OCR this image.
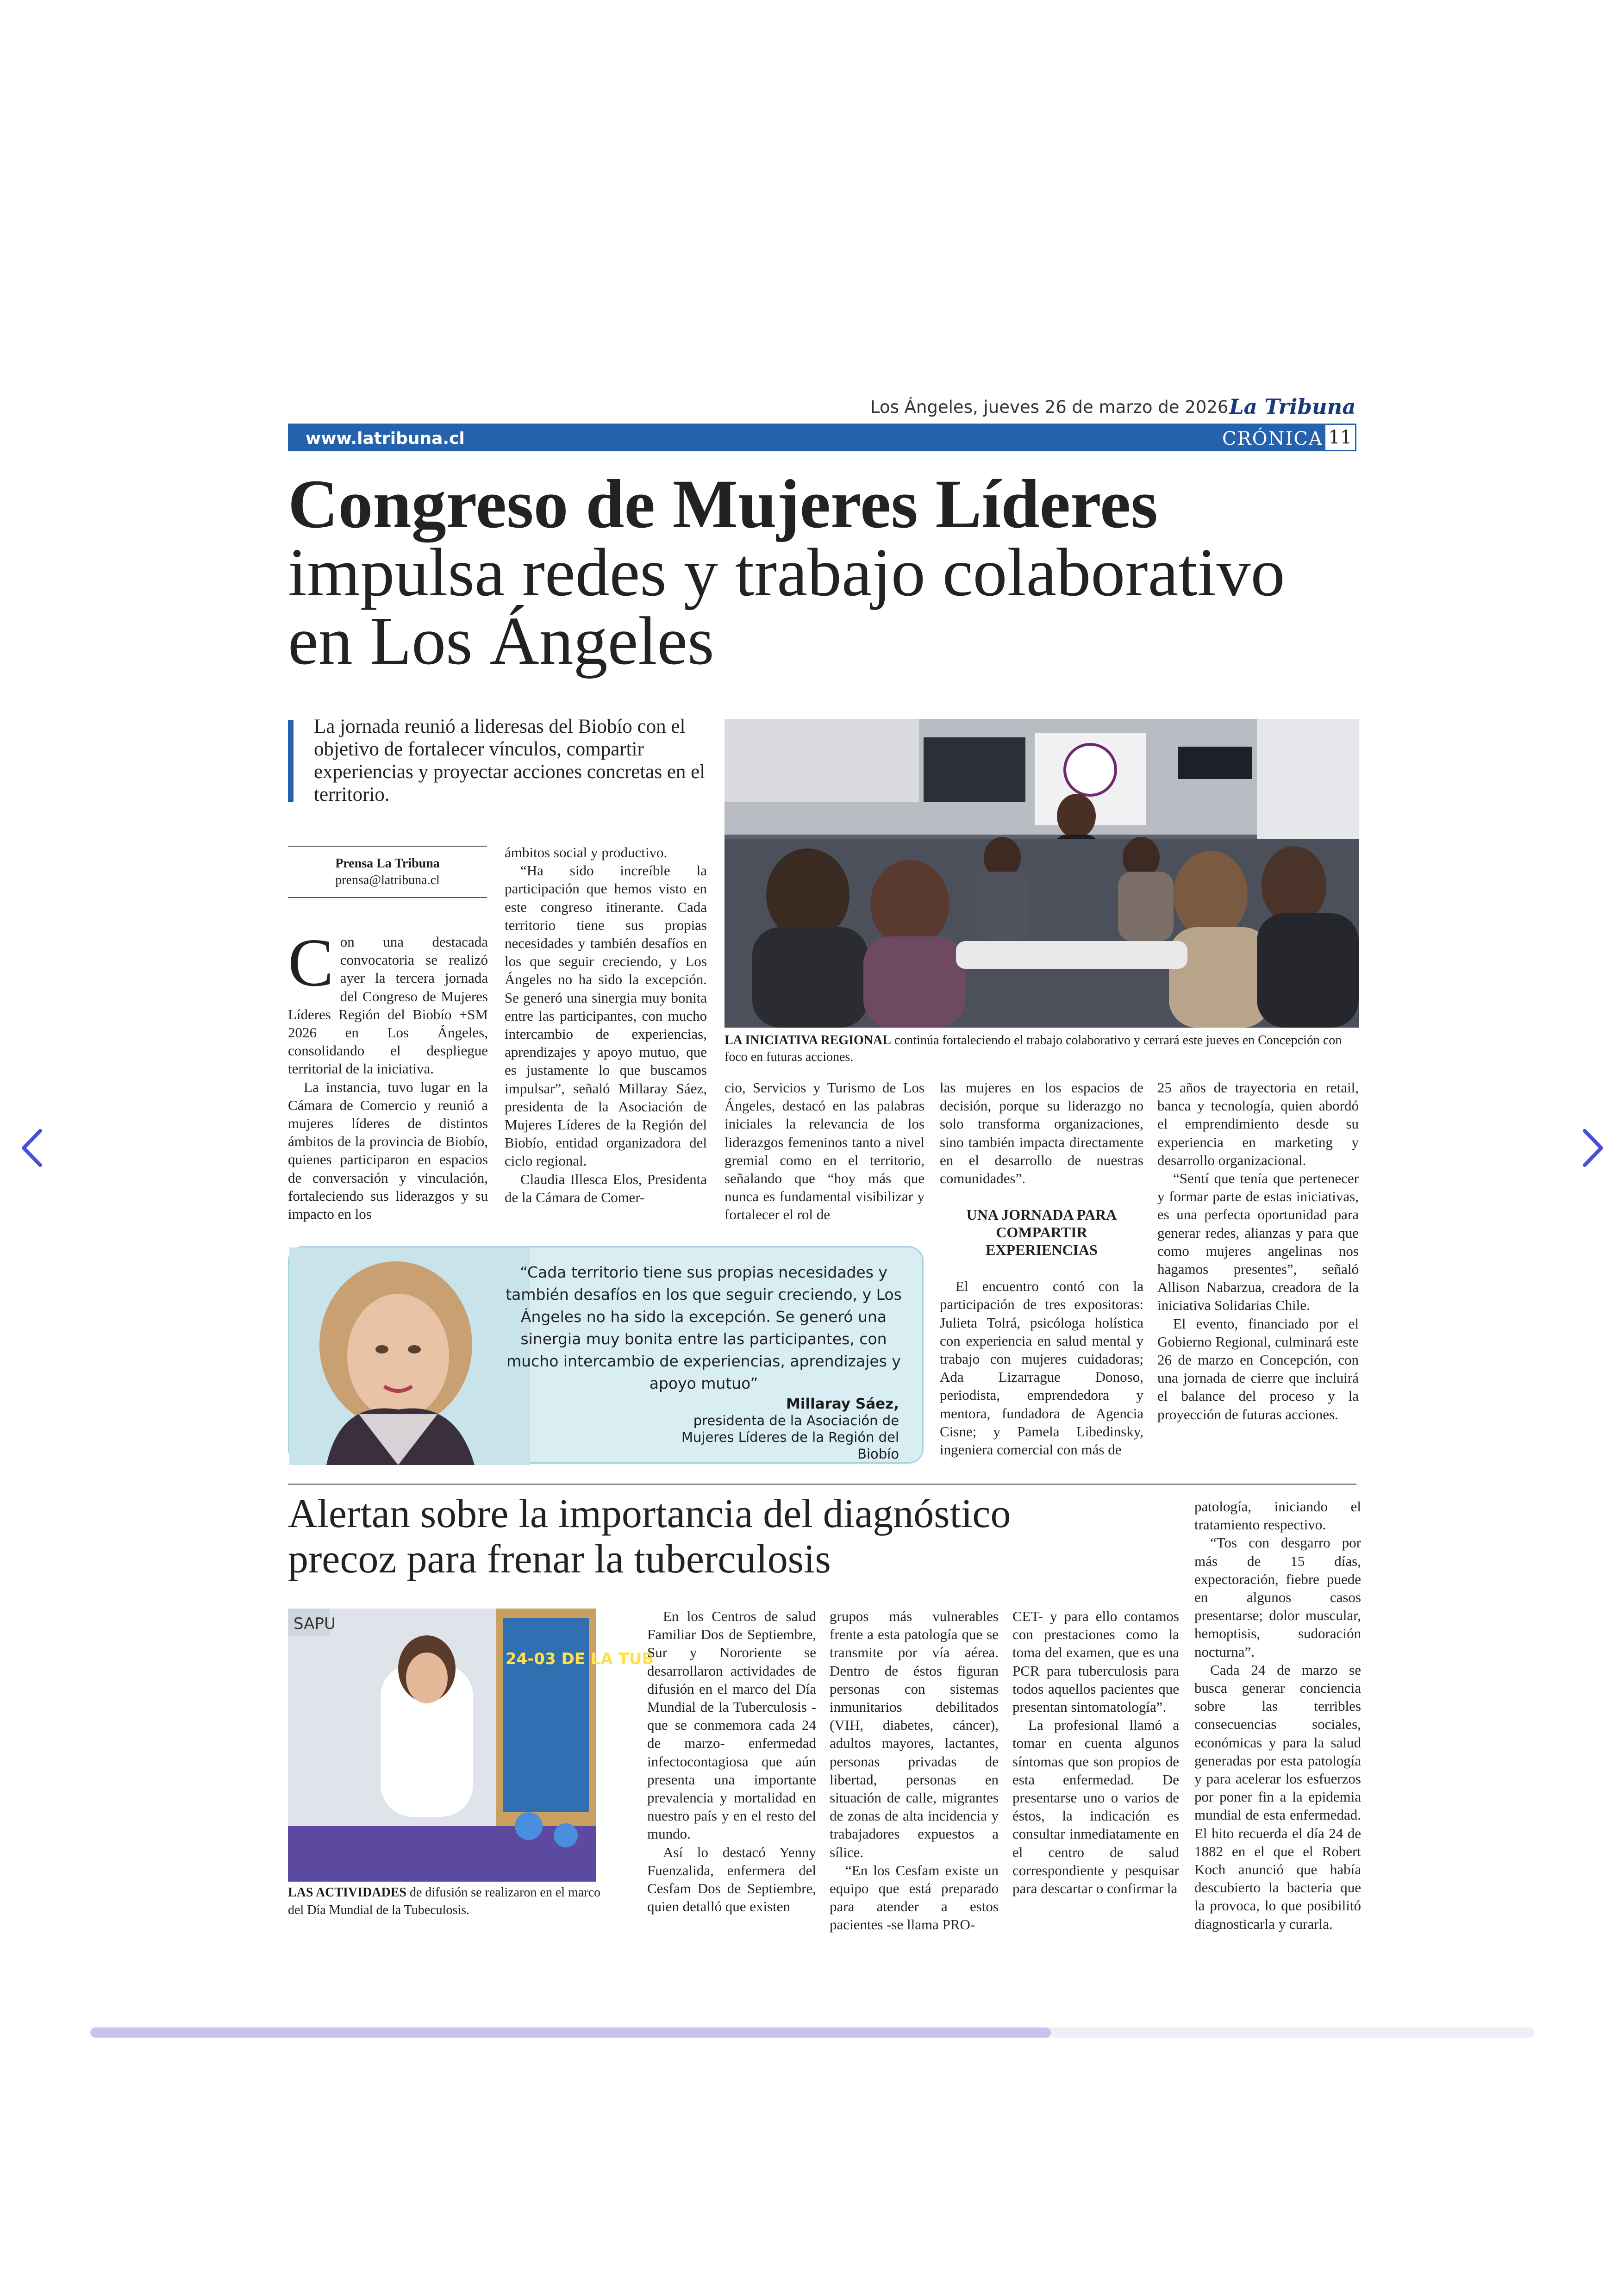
Los Ángeles, jueves 26 de marzo de 2026 La Tribuna
www.latribuna.cl	CRÓNICA 11
Congreso de Mujeres Líderes
impulsa redes y trabajo colaborativo
en Los Ángeles
La jornada reunió a lideresas del Biobío con el objetivo de fortalecer vínculos, compartir experiencias y proyectar acciones concretas en el territorio.
Prensa La Tribuna
prensa@latribuna.cl
LA INICIATIVA REGIONAL continúa fortaleciendo el trabajo colaborativo y cerrará este jueves en Concepción con foco en futuras acciones.

Con una destacada convocatoria se realizó ayer la tercera jornada del Congreso de Mujeres Líderes Región del Biobío +SM 2026 en Los Ángeles, consolidando el despliegue territorial de la iniciativa.

La instancia, tuvo lugar en la Cámara de Comercio y reunió a mujeres líderes de distintos ámbitos de la provincia de Biobío, quienes participaron en espacios de conversación y vinculación, fortaleciendo sus liderazgos y su impacto en los

ámbitos social y productivo.

“Ha sido increíble la participación que hemos visto en este congreso itinerante. Cada territorio tiene sus propias necesidades y también desafíos en los que seguir creciendo, y Los Ángeles no ha sido la excepción. Se generó una sinergia muy bonita entre las participantes, con mucho intercambio de experiencias, aprendizajes y apoyo mutuo, que es justamente lo que buscamos impulsar”, señaló Millaray Sáez, presidenta de la Asociación de Mujeres Líderes de la Región del Biobío, entidad organizadora del ciclo regional.

Claudia Illesca Elos, Presidenta de la Cámara de Comer-

cio, Servicios y Turismo de Los Ángeles, destacó en las palabras iniciales la relevancia de los liderazgos femeninos tanto a nivel gremial como en el territorio, señalando que “hoy más que nunca es fundamental visibilizar y fortalecer el rol de

las mujeres en los espacios de decisión, porque su liderazgo no solo transforma organizaciones, sino también impacta directamente en el desarrollo de nuestras comunidades”.

UNA JORNADA PARA COMPARTIR EXPERIENCIAS

El encuentro contó con la participación de tres expositoras: Julieta Tolrá, psicóloga holística con experiencia en salud mental y trabajo con mujeres cuidadoras; Ada Lizarrague Donoso, periodista, emprendedora y mentora, fundadora de Agencia Cisne; y Pamela Libedinsky, ingeniera comercial con más de

25 años de trayectoria en retail, banca y tecnología, quien abordó el emprendimiento desde su experiencia en marketing y desarrollo organizacional.

“Sentí que tenía que pertenecer y formar parte de estas iniciativas, es una perfecta oportunidad para generar redes, alianzas y para que como mujeres angelinas nos hagamos presentes”, señaló Allison Nabarzua, creadora de la iniciativa Solidarias Chile.

El evento, financiado por el Gobierno Regional, culminará este 26 de marzo en Concepción, con una jornada de cierre que incluirá el balance del proceso y la proyección de futuras acciones.

“Cada territorio tiene sus propias necesidades y también desafíos en los que seguir creciendo, y Los Ángeles no ha sido la excepción. Se generó una sinergia muy bonita entre las participantes, con mucho intercambio de experiencias, aprendizajes y apoyo mutuo”
Millaray Sáez,
presidenta de la Asociación de Mujeres Líderes de la Región del Biobío
Alertan sobre la importancia del diagnóstico
precoz para frenar la tuberculosis
SAPU
24-03 DE LA TUB
LAS ACTIVIDADES de difusión se realizaron en el marco del Día Mundial de la Tubeculosis.

En los Centros de salud Familiar Dos de Septiembre, Sur y Nororiente se desarrollaron actividades de difusión en el marco del Día Mundial de la Tuberculosis -que se conmemora cada 24 de marzo- enfermedad infectocontagiosa que aún presenta una importante prevalencia y mortalidad en nuestro país y en el resto del mundo.

Así lo destacó Yenny Fuenzalida, enfermera del Cesfam Dos de Septiembre, quien detalló que existen

grupos más vulnerables frente a esta patología que se transmite por vía aérea. Dentro de éstos figuran personas con sistemas inmunitarios debilitados (VIH, diabetes, cáncer), adultos mayores, lactantes, personas privadas de libertad, personas en situación de calle, migrantes de zonas de alta incidencia y trabajadores expuestos a sílice.

“En los Cesfam existe un equipo que está preparado para atender a estos pacientes -se llama PRO-

CET- y para ello contamos con prestaciones como la toma del examen, que es una PCR para tuberculosis para todos aquellos pacientes que presentan sintomatología”.

La profesional llamó a tomar en cuenta algunos síntomas que son propios de esta enfermedad. De presentarse uno o varios de éstos, la indicación es consultar inmediatamente en el centro de salud correspondiente y pesquisar para descartar o confirmar la

patología, iniciando el tratamiento respectivo.

“Tos con desgarro por más de 15 días, expectoración, fiebre puede en algunos casos presentarse; dolor muscular, hemoptisis, sudoración nocturna”.

Cada 24 de marzo se busca generar conciencia sobre las terribles consecuencias sociales, económicas y para la salud generadas por esta patología y para acelerar los esfuerzos por poner fin a la epidemia mundial de esta enfermedad. El hito recuerda el día 24 de 1882 en el que el Robert Koch anunció que había descubierto la bacteria que la provoca, lo que posibilitó diagnosticarla y curarla.
